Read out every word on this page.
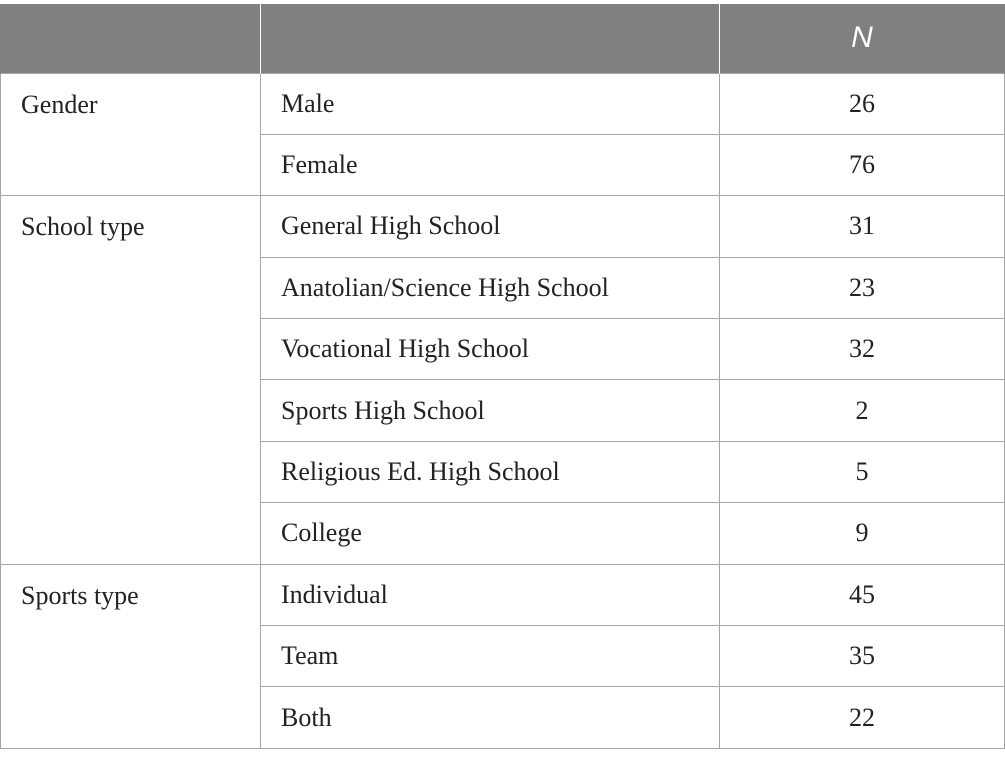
		N
Gender	Male	26
	Female	76
School type	General High School	31
	Anatolian/Science High School	23
	Vocational High School	32
	Sports High School	2
	Religious Ed. High School	5
	College	9
Sports type	Individual	45
	Team	35
	Both	22
